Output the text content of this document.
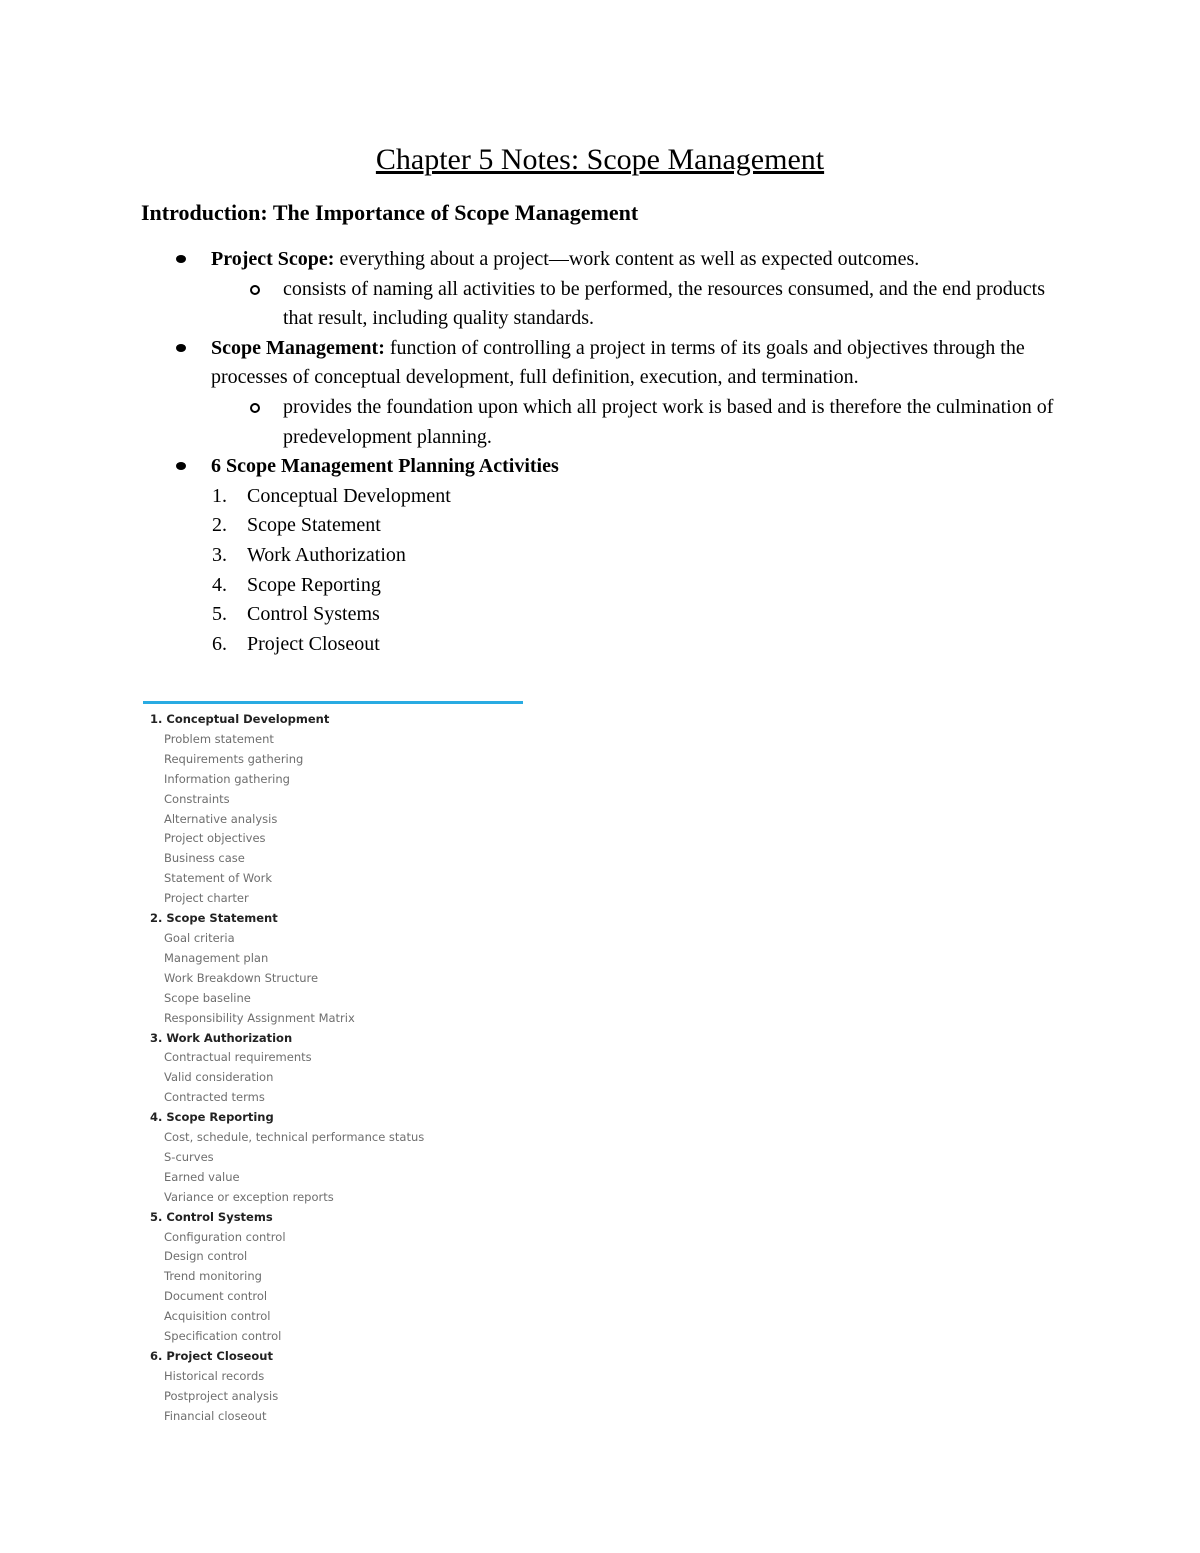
Chapter 5 Notes: Scope Management
Introduction: The Importance of Scope Management
Project Scope: everything about a project—work content as well as expected outcomes.
consists of naming all activities to be performed, the resources consumed, and the end products that result, including quality standards.
Scope Management: function of controlling a project in terms of its goals and objectives through the processes of conceptual development, full definition, execution, and termination.
provides the foundation upon which all project work is based and is therefore the culmination of predevelopment planning.
6 Scope Management Planning Activities
1. Conceptual Development
2. Scope Statement
3. Work Authorization
4. Scope Reporting
5. Control Systems
6. Project Closeout
1. Conceptual Development
Problem statement
Requirements gathering
Information gathering
Constraints
Alternative analysis
Project objectives
Business case
Statement of Work
Project charter
2. Scope Statement
Goal criteria
Management plan
Work Breakdown Structure
Scope baseline
Responsibility Assignment Matrix
3. Work Authorization
Contractual requirements
Valid consideration
Contracted terms
4. Scope Reporting
Cost, schedule, technical performance status
S-curves
Earned value
Variance or exception reports
5. Control Systems
Configuration control
Design control
Trend monitoring
Document control
Acquisition control
Specification control
6. Project Closeout
Historical records
Postproject analysis
Financial closeout
